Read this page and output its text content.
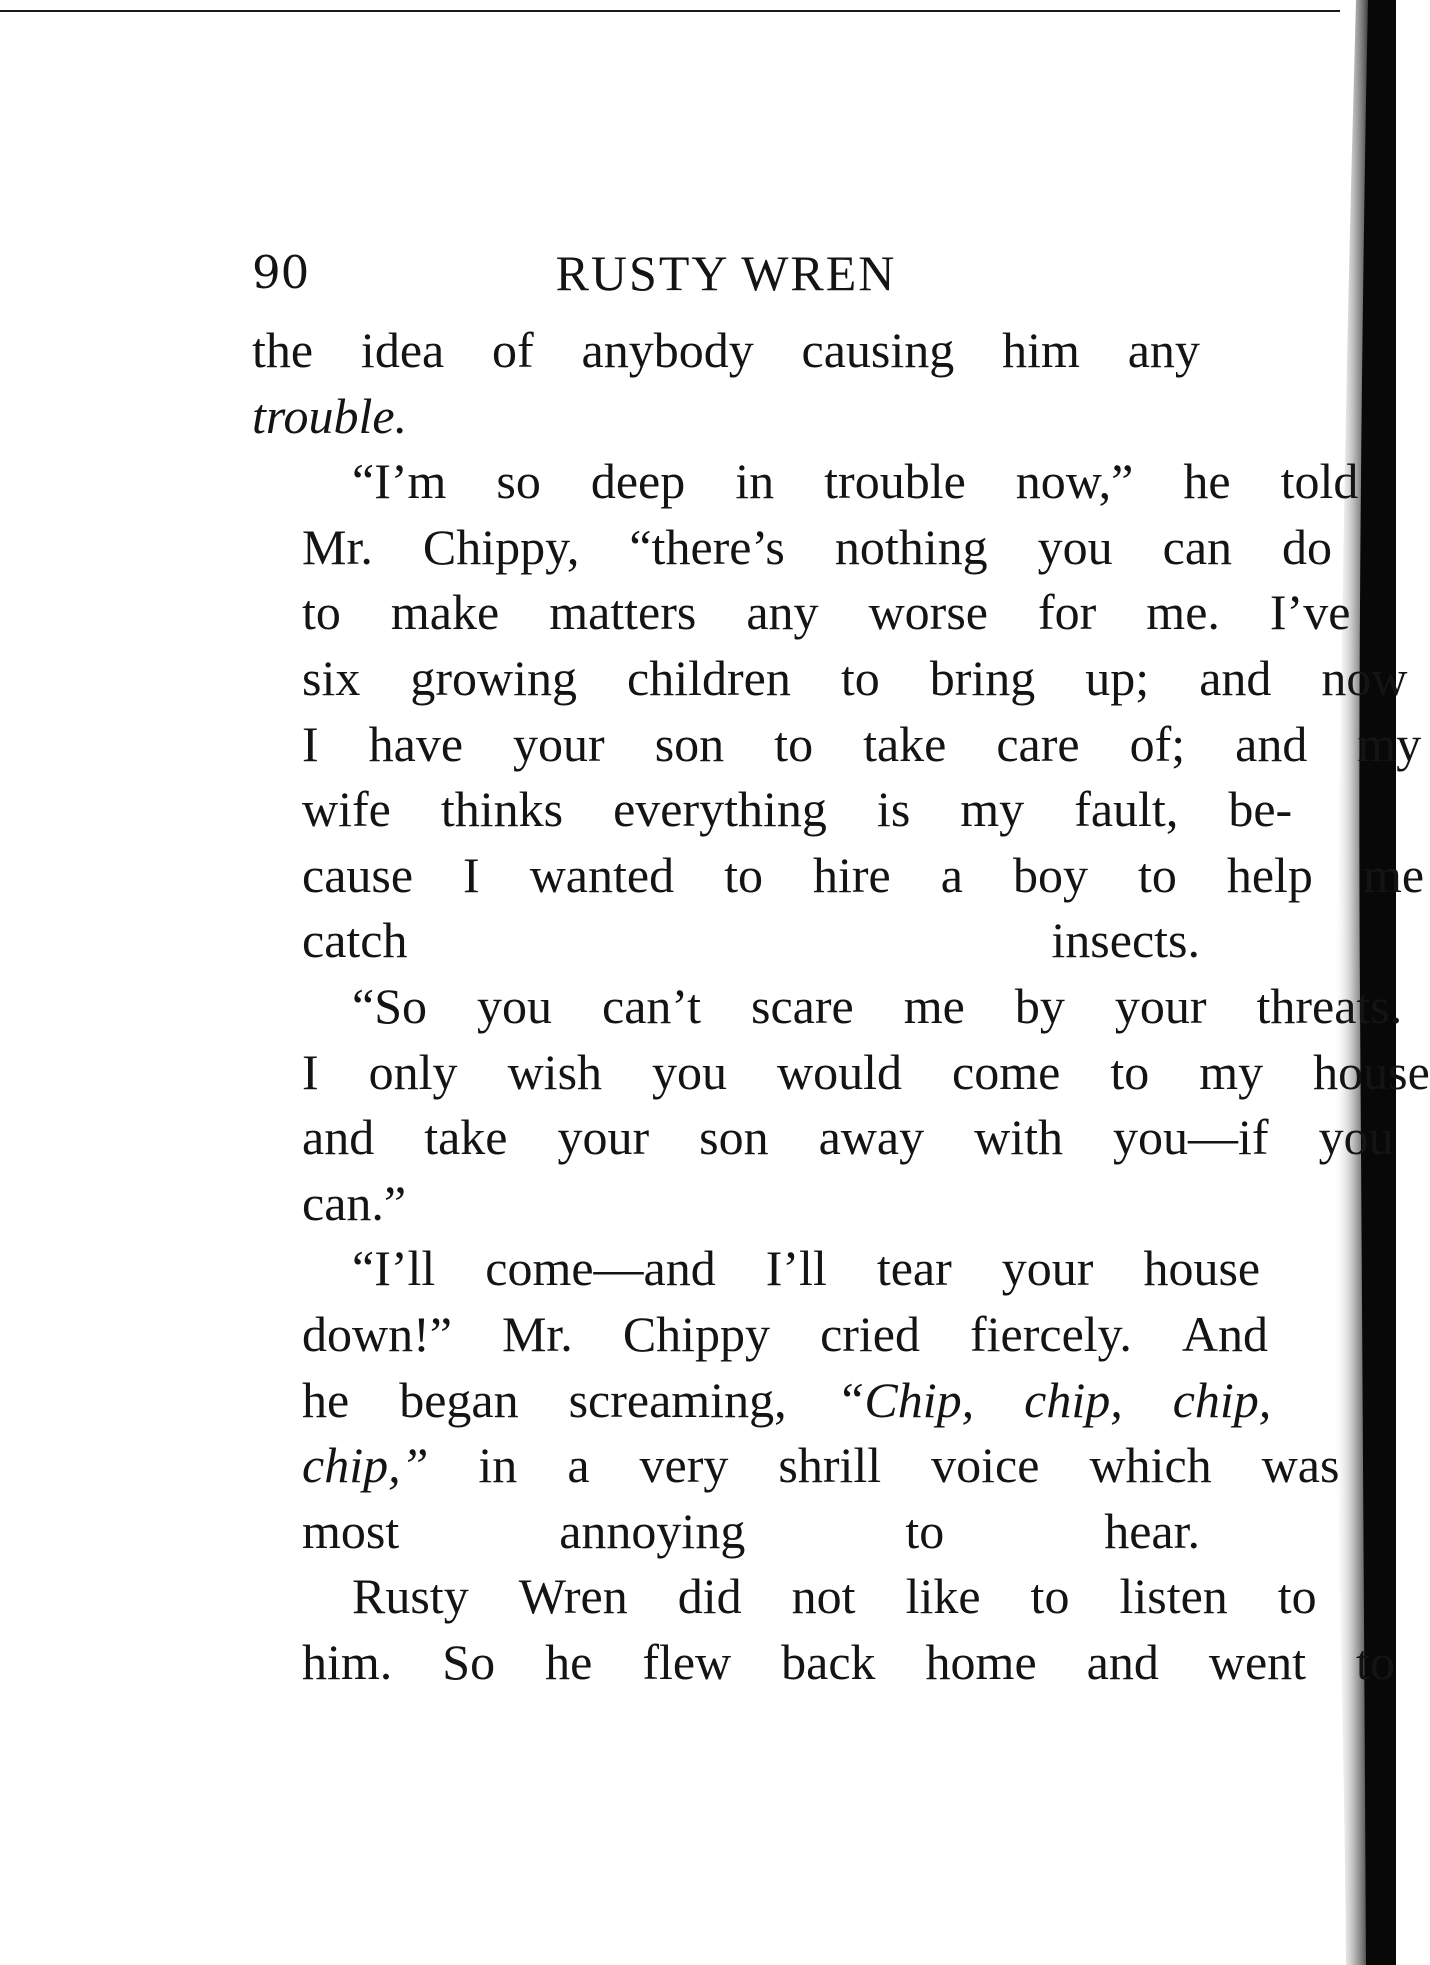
90	RUSTY WREN
the idea of anybody causing him any
trouble.
“I’m	so	deep	in	trouble	now,”	he	told
Mr.	Chippy,	“there’s	nothing	you	can	do
to	make	matters	any	worse	for	me.	I’ve
six	growing	children	to	bring	up;	and	now
I	have	your	son	to	take	care	of;	and	my
wife	thinks	everything	is	my	fault,	be-
cause	I	wanted	to	hire	a	boy	to	help	me
catch insects.
“So	you	can’t	scare	me	by	your	threats.
I	only	wish	you	would	come	to	my	house
and	take	your	son	away	with	you—if	you
can.”
“I’ll	come—and	I’ll	tear	your	house
down!”	Mr.	Chippy	cried	fiercely.	And
he	began	screaming,	“Chip,	chip,	chip,
chip,”	in	a	very	shrill	voice	which	was
most annoying to hear.
Rusty	Wren	did	not	like	to	listen	to
him.	So	he	flew	back	home	and	went	to
